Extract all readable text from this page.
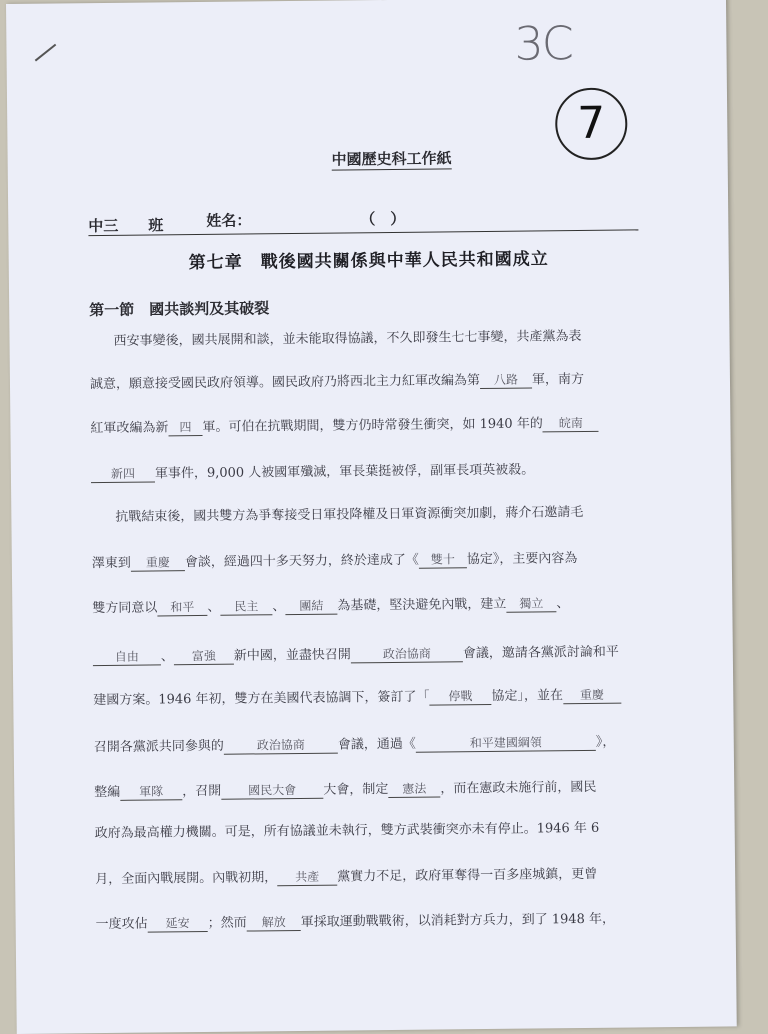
3C
7
中國歷史科工作紙
中三　　班	姓名：	（　）
第七章　戰後國共關係與中華人民共和國成立
第一節　國共談判及其破裂
西安事變後，國共展開和談，並未能取得協議，不久即發生七七事變，共產黨為表
誠意，願意接受國民政府領導。國民政府乃將西北主力紅軍改編為第 八路 軍，南方
紅軍改編為新 四 軍。可伯在抗戰期間，雙方仍時常發生衝突，如 1940 年的 皖南
新四 軍事件，9,000 人被國軍殲滅，軍長葉挺被俘，副軍長項英被殺。
抗戰結束後，國共雙方為爭奪接受日軍投降權及日軍資源衝突加劇，蔣介石邀請毛
澤東到 重慶 會談，經過四十多天努力，終於達成了《 雙十 協定》，主要內容為
雙方同意以 和平 、 民主 、 團結 為基礎，堅決避免內戰，建立 獨立 、
自由 、 富強 新中國，並盡快召開	政治協商 會議，邀請各黨派討論和平
建國方案。1946 年初，雙方在美國代表協調下，簽訂了「 停戰 協定」，並在 重慶
召開各黨派共同參與的	政治協商	會議，通過《	和平建國綱領	》，
整編 軍隊 ，召開 國民大會 大會，制定 憲法 ，而在憲政未施行前，國民
政府為最高權力機關。可是，所有協議並未執行，雙方武裝衝突亦未有停止。1946 年 6
月，全面內戰展開。內戰初期， 共產 黨實力不足，政府軍奪得一百多座城鎮，更曾
一度攻佔 延安 ；然而 解放 軍採取運動戰戰術，以消耗對方兵力，到了 1948 年，
